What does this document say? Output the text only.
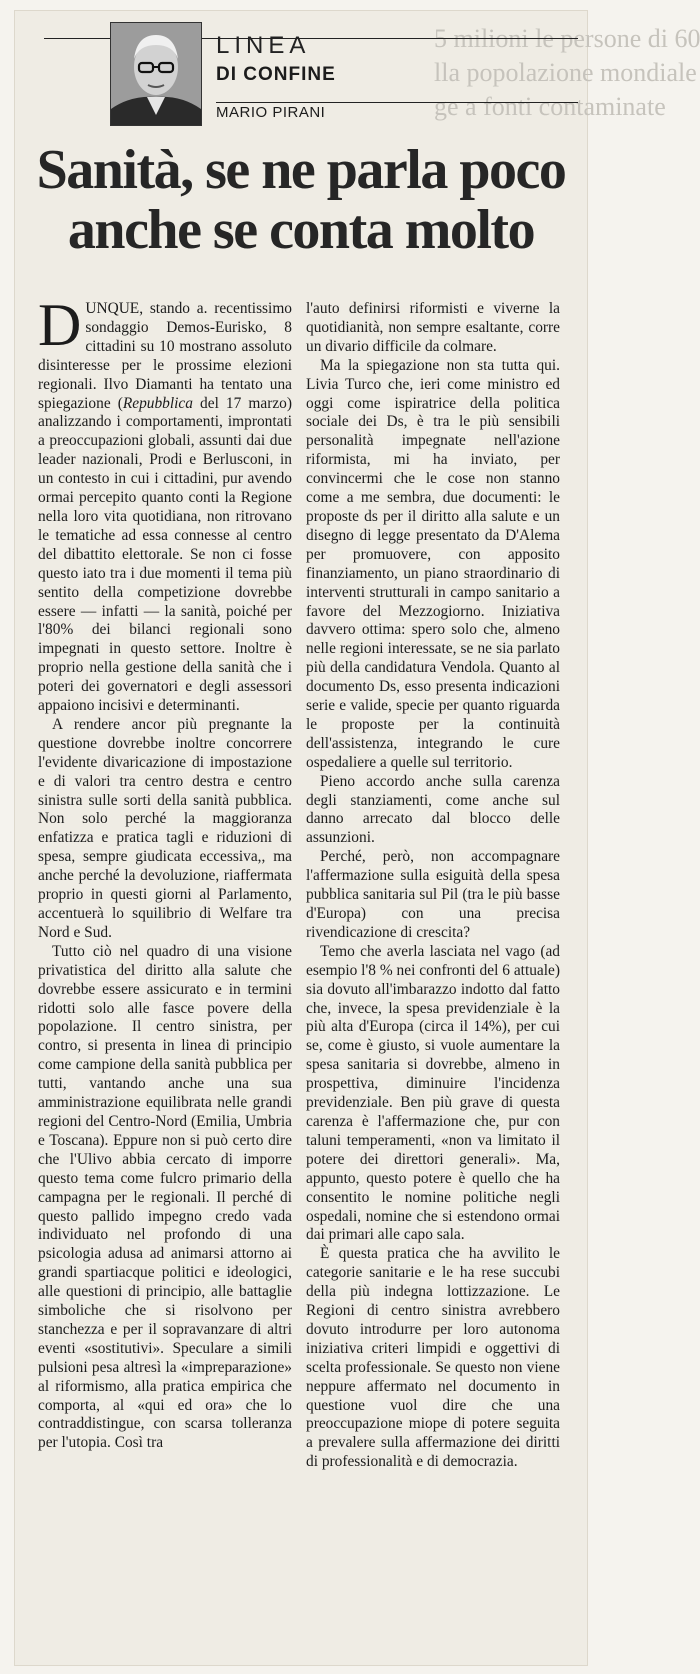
5 milioni le persone di 60
lla popolazione mondiale
ge a fonti contaminate
LINEA
DI CONFINE
MARIO PIRANI
Sanità, se ne parla poco anche se conta molto

DUNQUE, stando a. recentissimo sondaggio Demos-Eurisko, 8 cittadini su 10 mostrano assoluto disinteresse per le prossime elezioni regionali. Ilvo Diamanti ha tentato una spiegazione (Repubblica del 17 marzo) analizzando i comportamenti, improntati a preoccupazioni globali, assunti dai due leader nazionali, Prodi e Berlusconi, in un contesto in cui i cittadini, pur avendo ormai percepito quanto conti la Regione nella loro vita quotidiana, non ritrovano le tematiche ad essa connesse al centro del dibattito elettorale. Se non ci fosse questo iato tra i due momenti il tema più sentito della competizione dovrebbe essere — infatti — la sanità, poiché per l'80% dei bilanci regionali sono impegnati in questo settore. Inoltre è proprio nella gestione della sanità che i poteri dei governatori e degli assessori appaiono incisivi e determinanti.

A rendere ancor più pregnante la questione dovrebbe inoltre concorrere l'evidente divaricazione di impostazione e di valori tra centro destra e centro sinistra sulle sorti della sanità pubblica. Non solo perché la maggioranza enfatizza e pratica tagli e riduzioni di spesa, sempre giudicata eccessiva,, ma anche perché la devoluzione, riaffermata proprio in questi giorni al Parlamento, accentuerà lo squilibrio di Welfare tra Nord e Sud.

Tutto ciò nel quadro di una visione privatistica del diritto alla salute che dovrebbe essere assicurato e in termini ridotti solo alle fasce povere della popolazione. Il centro sinistra, per contro, si presenta in linea di principio come campione della sanità pubblica per tutti, vantando anche una sua amministrazione equilibrata nelle grandi regioni del Centro-Nord (Emilia, Umbria e Toscana). Eppure non si può certo dire che l'Ulivo abbia cercato di imporre questo tema come fulcro primario della campagna per le regionali. Il perché di questo pallido impegno credo vada individuato nel profondo di una psicologia adusa ad animarsi attorno ai grandi spartiacque politici e ideologici, alle questioni di principio, alle battaglie simboliche che si risolvono per stanchezza e per il sopravanzare di altri eventi «sostitutivi». Speculare a simili pulsioni pesa altresì la «impreparazione» al riformismo, alla pratica empirica che comporta, al «qui ed ora» che lo contraddistingue, con scarsa tolleranza per l'utopia. Così tra

l'auto definirsi riformisti e viverne la quotidianità, non sempre esaltante, corre un divario difficile da colmare.

Ma la spiegazione non sta tutta qui. Livia Turco che, ieri come ministro ed oggi come ispiratrice della politica sociale dei Ds, è tra le più sensibili personalità impegnate nell'azione riformista, mi ha inviato, per convincermi che le cose non stanno come a me sembra, due documenti: le proposte ds per il diritto alla salute e un disegno di legge presentato da D'Alema per promuovere, con apposito finanziamento, un piano straordinario di interventi strutturali in campo sanitario a favore del Mezzogiorno. Iniziativa davvero ottima: spero solo che, almeno nelle regioni interessate, se ne sia parlato più della candidatura Vendola. Quanto al documento Ds, esso presenta indicazioni serie e valide, specie per quanto riguarda le proposte per la continuità dell'assistenza, integrando le cure ospedaliere a quelle sul territorio.

Pieno accordo anche sulla carenza degli stanziamenti, come anche sul danno arrecato dal blocco delle assunzioni.

Perché, però, non accompagnare l'affermazione sulla esiguità della spesa pubblica sanitaria sul Pil (tra le più basse d'Europa) con una precisa rivendicazione di crescita?

Temo che averla lasciata nel vago (ad esempio l'8 % nei confronti del 6 attuale) sia dovuto all'imbarazzo indotto dal fatto che, invece, la spesa previdenziale è la più alta d'Europa (circa il 14%), per cui se, come è giusto, si vuole aumentare la spesa sanitaria si dovrebbe, almeno in prospettiva, diminuire l'incidenza previdenziale. Ben più grave di questa carenza è l'affermazione che, pur con taluni temperamenti, «non va limitato il potere dei direttori generali». Ma, appunto, questo potere è quello che ha consentito le nomine politiche negli ospedali, nomine che si estendono ormai dai primari alle capo sala.

È questa pratica che ha avvilito le categorie sanitarie e le ha rese succubi della più indegna lottizzazione. Le Regioni di centro sinistra avrebbero dovuto introdurre per loro autonoma iniziativa criteri limpidi e oggettivi di scelta professionale. Se questo non viene neppure affermato nel documento in questione vuol dire che una preoccupazione miope di potere seguita a prevalere sulla affermazione dei diritti di professionalità e di democrazia.
